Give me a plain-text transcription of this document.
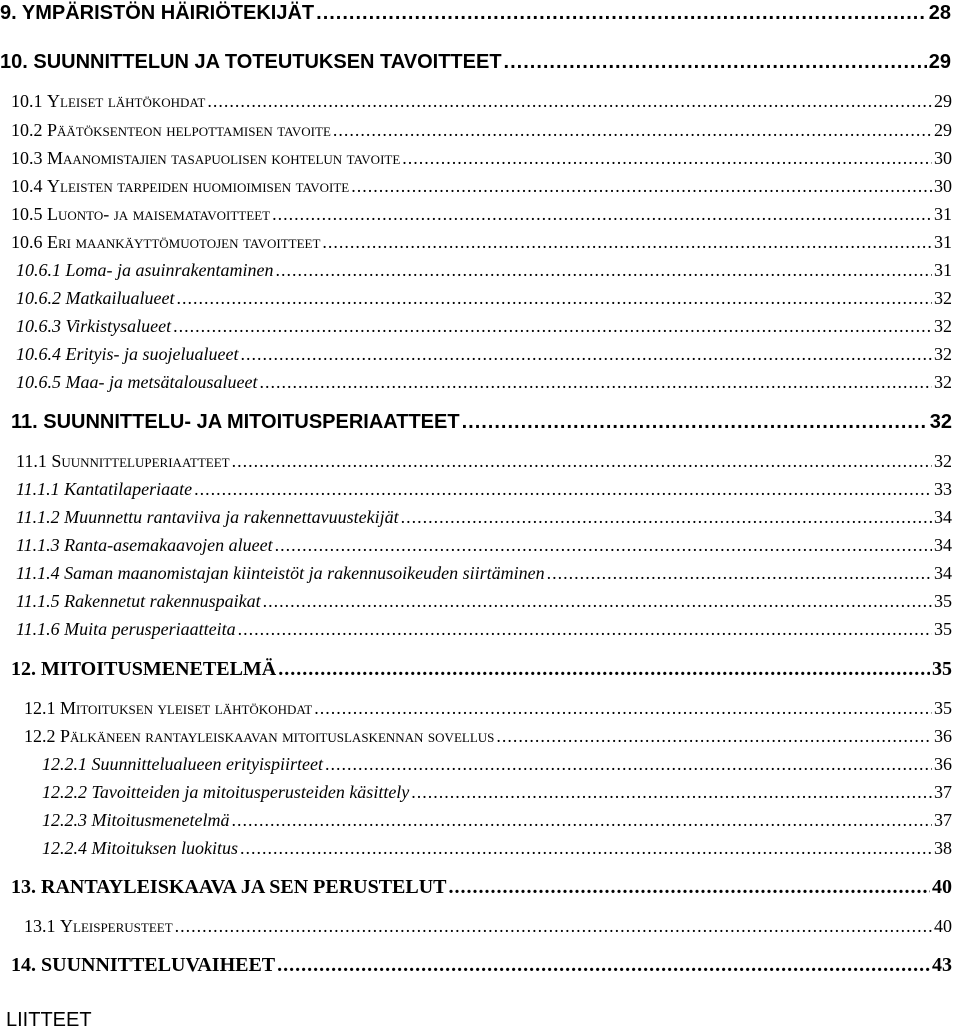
9. YMPÄRISTÖN HÄIRIÖTEKIJÄT .....	28
10. SUUNNITTELUN JA TOTEUTUKSEN TAVOITTEET .....	29
10.1 Yleiset lähtökohdat .....	29
10.2 Päätöksenteon helpottamisen tavoite .....	29
10.3 Maanomistajien tasapuolisen kohtelun tavoite .....	30
10.4 Yleisten tarpeiden huomioimisen tavoite .....	30
10.5 Luonto- ja maisematavoitteet .....	31
10.6 Eri maankäyttömuotojen tavoitteet .....	31
10.6.1 Loma- ja asuinrakentaminen .....	31
10.6.2 Matkailualueet .....	32
10.6.3 Virkistysalueet .....	32
10.6.4 Erityis- ja suojelualueet .....	32
10.6.5 Maa- ja metsätalousalueet .....	32
11. SUUNNITTELU- JA MITOITUSPERIAATTEET .....	32
11.1 Suunnitteluperiaatteet .....	32
11.1.1 Kantatilaperiaate .....	33
11.1.2 Muunnettu rantaviiva ja rakennettavuustekijät .....	34
11.1.3 Ranta-asemakaavojen alueet .....	34
11.1.4 Saman maanomistajan kiinteistöt ja rakennusoikeuden siirtäminen .....	34
11.1.5 Rakennetut rakennuspaikat .....	35
11.1.6 Muita perusperiaatteita .....	35
12. MITOITUSMENETELMÄ .....	35
12.1 Mitoituksen yleiset lähtökohdat .....	35
12.2 Pälkäneen rantayleiskaavan mitoituslaskennan sovellus .....	36
12.2.1 Suunnittelualueen erityispiirteet .....	36
12.2.2 Tavoitteiden ja mitoitusperusteiden käsittely .....	37
12.2.3 Mitoitusmenetelmä .....	37
12.2.4 Mitoituksen luokitus .....	38
13. RANTAYLEISKAAVA JA SEN PERUSTELUT .....	40
13.1 Yleisperusteet .....	40
14. SUUNNITTELUVAIHEET .....	43
LIITTEET
